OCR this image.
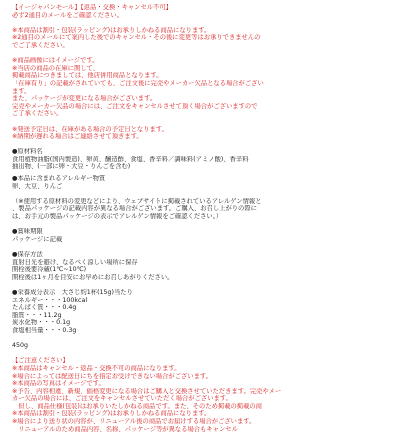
【イージャパンモール】【返品・交換・キャンセル不可】
必ず2通目のメールをご確認ください。
※本商品は割引・包装(ラッピング)はお承りしかねる商品になります。
※2通目のメールにて案内した後でのキャンセル・その後に変更等はお承りできませんの
でご了承ください。
※商品画像にはイメージです。
※当店の商品の在庫に関して、
掲載商品につきましては、他店併用商品となります。
「在庫有り」の記載がされていても、ご注文後に完売やメーカー欠品となる場合がござい
ます。
また、パッケージが変更になる場合がございます。
完売やメーカー欠品の場合には、ご注文をキャンセルさせて頂く場合がございますので
ご了承ください。
※発送予定日は、在庫がある場合の予定日となります。
※納期が遅れる場合はご連絡させて頂きます。
●原材料名
食用植物油脂(国内製造)、卵黄、醸造酢、食塩、香辛料／調味料(アミノ酸)、香辛料
抽出物、(一部に卵・大豆・りんごを含む)
●本品に含まれるアレルギー物質
卵、大豆、りんご
（※使用する原材料の変更などにより、ウェブサイトに掲載されているアレルゲン情報と
、製品パッケージの記載内容が異なる場合がございます。ご購入、お召し上がりの際に
は、お手元の製品パッケージの表示でアレルゲン情報をご確認ください。）
●賞味期限
パッケージに記載
●保存方法
直射日光を避け、なるべく涼しい場所に保存
開栓後要冷蔵(1℃~10℃)
開栓後は1ヶ月を目安にお早めにお召しあがりください。
●栄養成分表示　大さじ約1杯(15g)当たり
エネルギー・・・100kcal
たんぱく質・・・0.4g
脂質・・・11.2g
炭水化物・・・0.1g
食塩相当量・・・0.3g
450g
【ご注意ください】
※本商品はキャンセル・返品・交換不可の商品になります。
※場合によっては配送日にちを指定お受けできない場合がございます。
※本商品の写真はイメージです。
※予告、内容相違、新規、価格変更になる場合はご購入と交換させていただきます。完売やメー
カー欠品の場合には、ご注文をキャンセルさせていただく場合がございます。
　但し、商品仕様(包装)はお承りいたしかねる商品です。また、そのため掲載の掲載の商
※本商品は割引・包装(ラッピング)はお承りしかねる商品になります。
※場合により送り状の内容が、リニューアル後の商品でお届けする場合がございます。
　リニューアルのため商品内容、名称、パッケージ等が異なる場合もキャンセル
